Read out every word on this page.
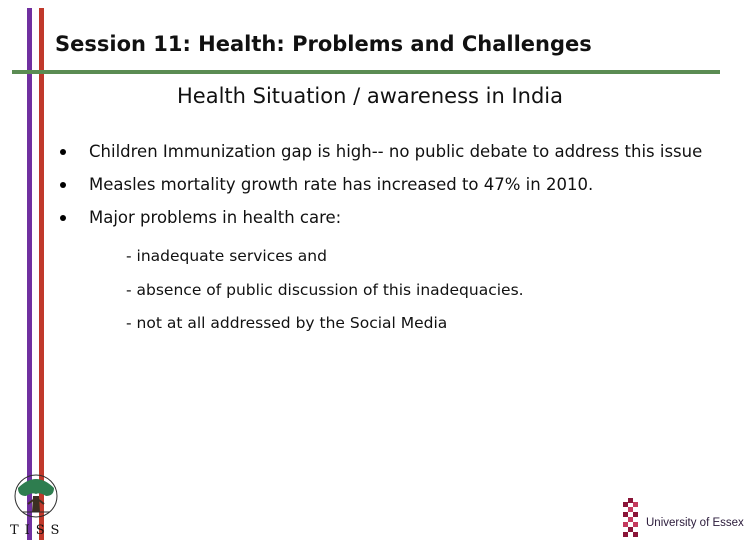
Session 11: Health: Problems and Challenges
Health Situation / awareness in India
Children Immunization gap is high-- no public debate to address this issue
Measles mortality growth rate has increased to 47% in 2010.
Major problems in health care:
- inadequate services and
- absence of public discussion of this inadequacies.
- not at all addressed by the Social Media
TISS	University of Essex
